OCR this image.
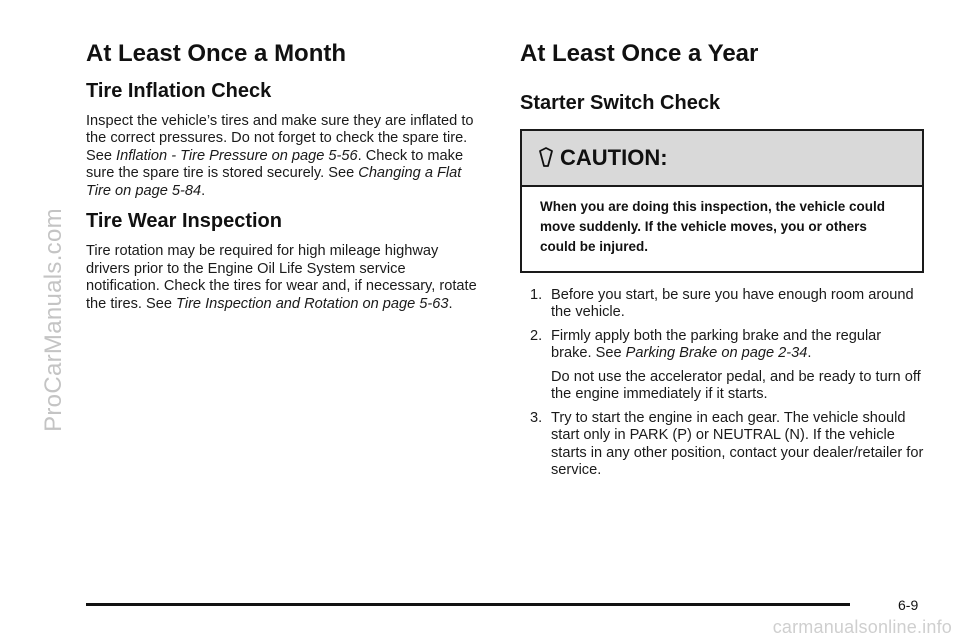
ProCarManuals.com
At Least Once a Month
Tire Inflation Check

Inspect the vehicle’s tires and make sure they are inflated to the correct pressures. Do not forget to check the spare tire. See Inflation - Tire Pressure on page 5-56. Check to make sure the spare tire is stored securely. See Changing a Flat Tire on page 5-84.

Tire Wear Inspection

Tire rotation may be required for high mileage highway drivers prior to the Engine Oil Life System service notification. Check the tires for wear and, if necessary, rotate the tires. See Tire Inspection and Rotation on page 5-63.

At Least Once a Year
Starter Switch Check
CAUTION:
When you are doing this inspection, the vehicle could move suddenly. If the vehicle moves, you or others could be injured.
1. Before you start, be sure you have enough room around the vehicle.

2. Firmly apply both the parking brake and the regular brake. See Parking Brake on page 2-34.

Do not use the accelerator pedal, and be ready to turn off the engine immediately if it starts.

3. Try to start the engine in each gear. The vehicle should start only in PARK (P) or NEUTRAL (N). If the vehicle starts in any other position, contact your dealer/retailer for service.

6-9
carmanualsonline.info
